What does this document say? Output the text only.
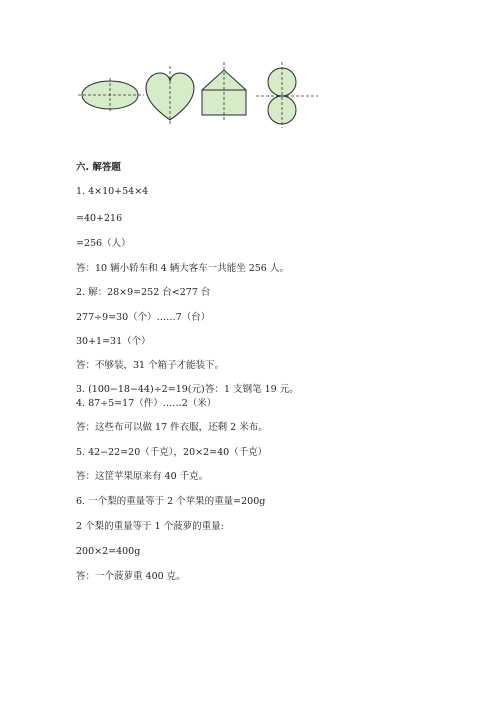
六. 解答题
1. 4×10+54×4
=40+216
=256（人）
答：10 辆小轿车和 4 辆大客车一共能坐 256 人。
2. 解：28×9=252 台<277 台
277÷9=30（个）……7（台）
30+1=31（个）
答：不够装，31 个箱子才能装下。
3. (100−18−44)÷2=19(元) 答：1 支钢笔 19 元。
4. 87÷5=17（件）……2（米）
答：这些布可以做 17 件衣服，还剩 2 米布。
5. 42−22=20（千克），20×2=40（千克）
答：这筐苹果原来有 40 千克。
6. 一个梨的重量等于 2 个苹果的重量=200g
2 个梨的重量等于 1 个菠萝的重量:
200×2=400g
答：一个菠萝重 400 克。
